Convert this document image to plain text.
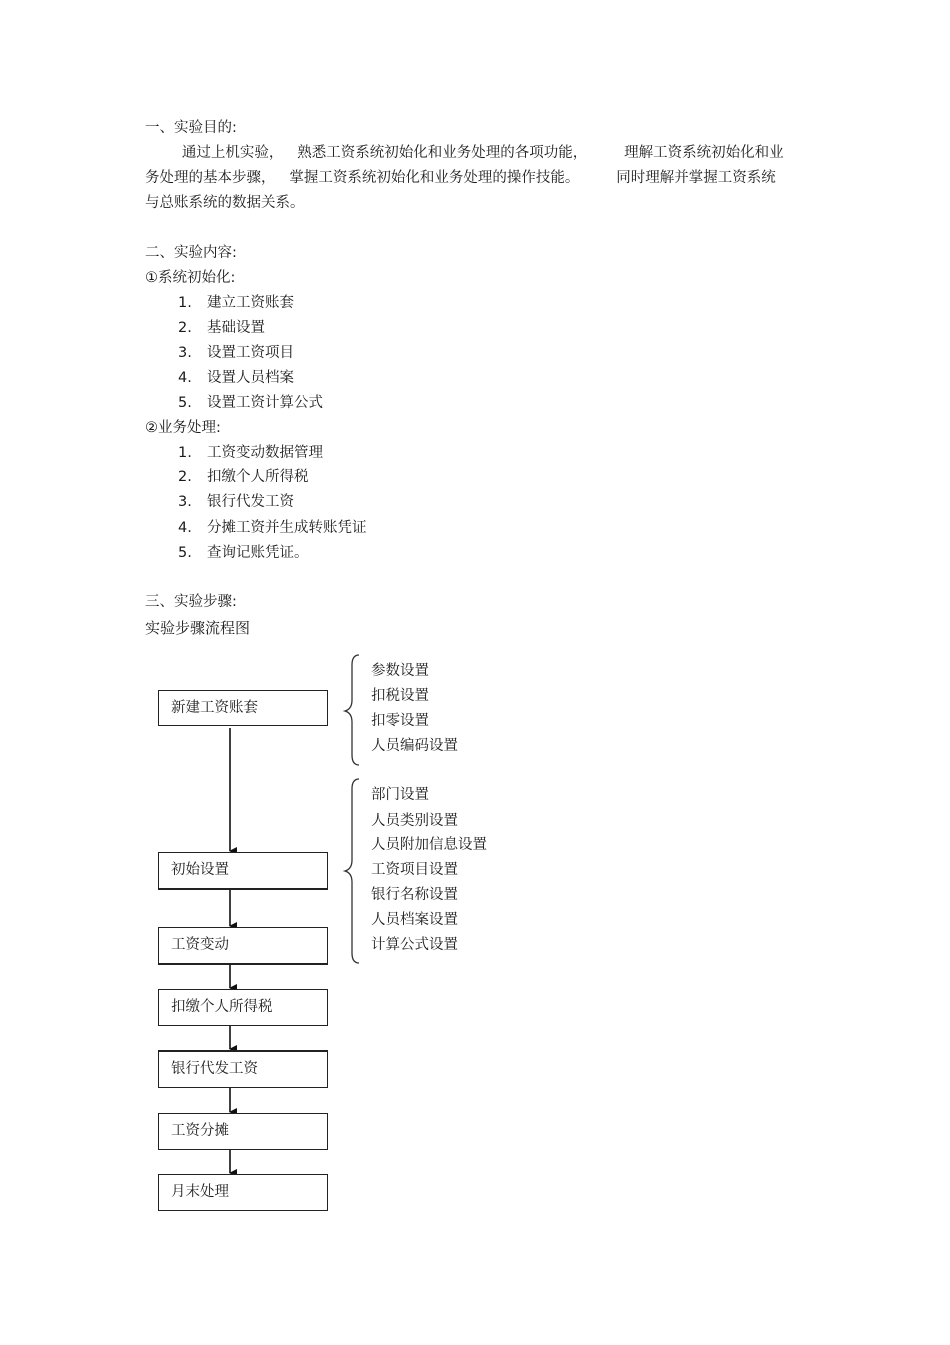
一、实验目的:
通过上机实验，   熟悉工资系统初始化和业务处理的各项功能，        理解工资系统初始化和业
务处理的基本步骤，   掌握工资系统初始化和业务处理的操作技能。        同时理解并掌握工资系统
与总账系统的数据关系。
二、实验内容:
①系统初始化:
1.	建立工资账套
2.	基础设置
3.	设置工资项目
4.	设置人员档案
5.	设置工资计算公式
②业务处理:
1.	工资变动数据管理
2.	扣缴个人所得税
3.	银行代发工资
4.	分摊工资并生成转账凭证
5.	查询记账凭证。
三、实验步骤:
实验步骤流程图
新建工资账套
初始设置
工资变动
扣缴个人所得税
银行代发工资
工资分摊
月末处理
参数设置
扣税设置
扣零设置
人员编码设置
部门设置
人员类别设置
人员附加信息设置
工资项目设置
银行名称设置
人员档案设置
计算公式设置
